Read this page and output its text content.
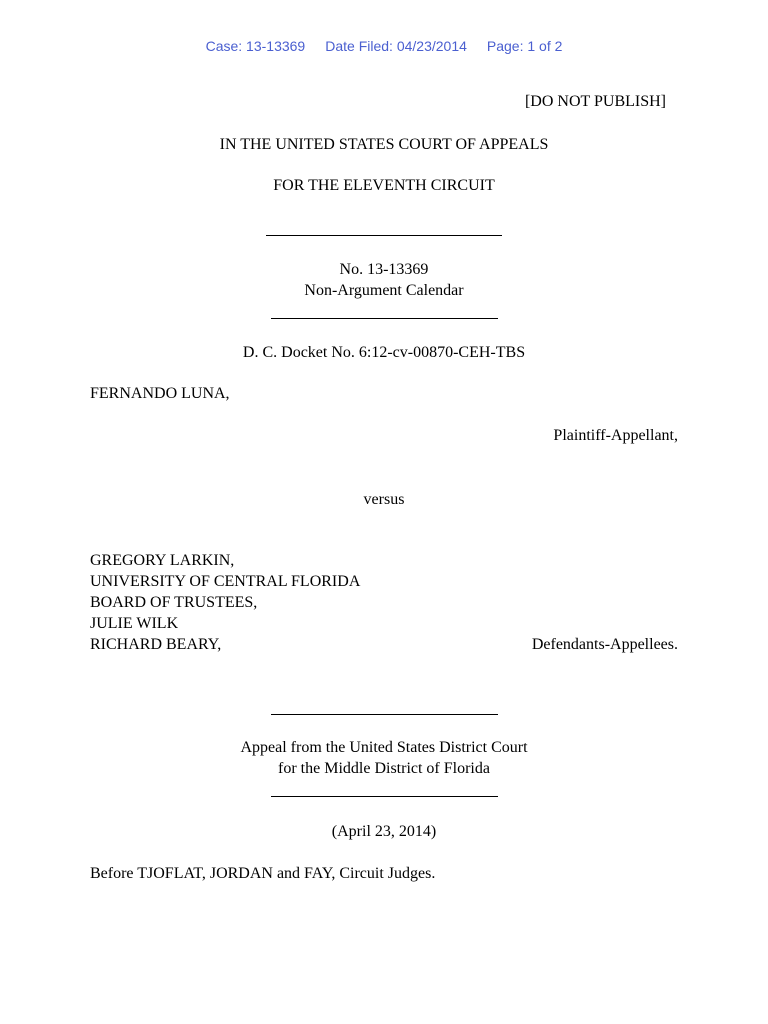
Case: 13-13369 Date Filed: 04/23/2014 Page: 1 of 2
[DO NOT PUBLISH]
IN THE UNITED STATES COURT OF APPEALS
FOR THE ELEVENTH CIRCUIT
No. 13-13369
Non-Argument Calendar
D. C. Docket No. 6:12-cv-00870-CEH-TBS
FERNANDO LUNA,
Plaintiff-Appellant,
versus
GREGORY LARKIN,
UNIVERSITY OF CENTRAL FLORIDA
BOARD OF TRUSTEES,
JULIE WILK
RICHARD BEARY,	Defendants-Appellees.
Appeal from the United States District Court
for the Middle District of Florida
(April 23, 2014)
Before TJOFLAT, JORDAN and FAY, Circuit Judges.
